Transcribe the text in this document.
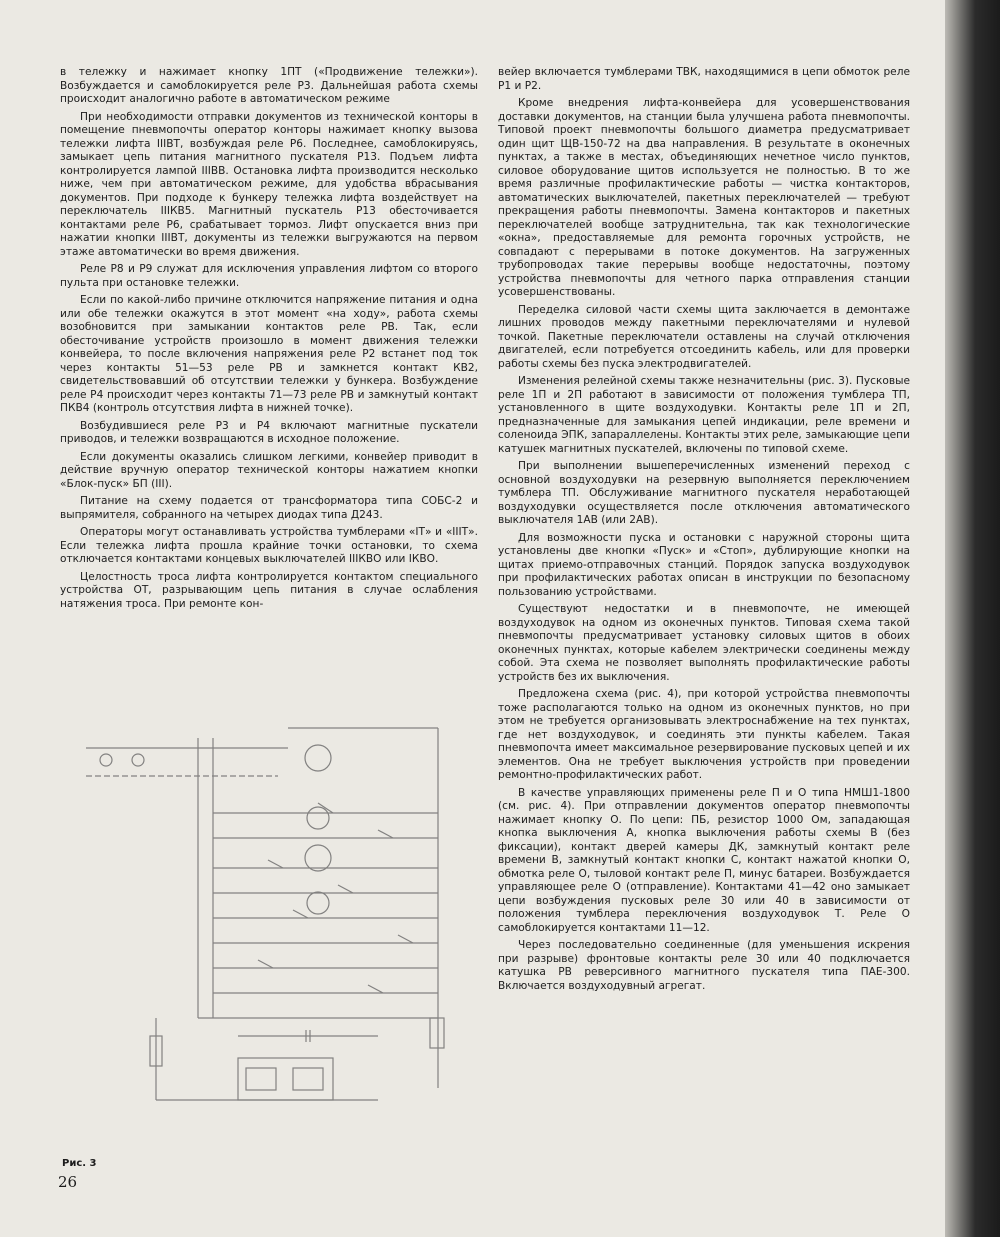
в тележку и нажимает кнопку 1ПТ («Продвижение тележки»). Возбуждается и самоблокируется реле Р3. Дальнейшая работа схемы происходит аналогично работе в автоматическом режиме

При необходимости отправки документов из технической конторы в помещение пневмопочты оператор конторы нажимает кнопку вызова тележки лифта IIIВТ, возбуждая реле Р6. Последнее, самоблокируясь, замыкает цепь питания магнитного пускателя Р13. Подъем лифта контролируется лампой IIIВВ. Остановка лифта производится несколько ниже, чем при автоматическом режиме, для удобства вбрасывания документов. При подходе к бункеру тележка лифта воздействует на переключатель IIIКВ5. Магнитный пускатель Р13 обесточивается контактами реле Р6, срабатывает тормоз. Лифт опускается вниз при нажатии кнопки IIIВТ, документы из тележки выгружаются на первом этаже автоматически во время движения.

Реле Р8 и Р9 служат для исключения управления лифтом со второго пульта при остановке тележки.

Если по какой-либо причине отключится напряжение питания и одна или обе тележки окажутся в этот момент «на ходу», работа схемы возобновится при замыкании контактов реле РВ. Так, если обесточивание устройств произошло в момент движения тележки конвейера, то после включения напряжения реле Р2 встанет под ток через контакты 51—53 реле РВ и замкнется контакт КВ2, свидетельствовавший об отсутствии тележки у бункера. Возбуждение реле Р4 происходит через контакты 71—73 реле РВ и замкнутый контакт ПКВ4 (контроль отсутствия лифта в нижней точке).

Возбудившиеся реле Р3 и Р4 включают магнитные пускатели приводов, и тележки возвращаются в исходное положение.

Если документы оказались слишком легкими, конвейер приводит в действие вручную оператор технической конторы нажатием кнопки «Блок-пуск» БП (III).

Питание на схему подается от трансформатора типа СОБС-2 и выпрямителя, собранного на четырех диодах типа Д243.

Операторы могут останавливать устройства тумблерами «IТ» и «IIIТ». Если тележка лифта прошла крайние точки остановки, то схема отключается контактами концевых выключателей IIIКВО или IКВО.

Целостность троса лифта контролируется контактом специального устройства ОТ, разрывающим цепь питания в случае ослабления натяжения троса. При ремонте кон-

вейер включается тумблерами ТВК, находящимися в цепи обмоток реле Р1 и Р2.

Кроме внедрения лифта-конвейера для усовершенствования доставки документов, на станции была улучшена работа пневмопочты. Типовой проект пневмопочты большого диаметра предусматривает один щит ЩВ-150-72 на два направления. В результате в оконечных пунктах, а также в местах, объединяющих нечетное число пунктов, силовое оборудование щитов используется не полностью. В то же время различные профилактические работы — чистка контакторов, автоматических выключателей, пакетных переключателей — требуют прекращения работы пневмопочты. Замена контакторов и пакетных переключателей вообще затруднительна, так как технологические «окна», предоставляемые для ремонта горочных устройств, не совпадают с перерывами в потоке документов. На загруженных трубопроводах такие перерывы вообще недостаточны, поэтому устройства пневмопочты для четного парка отправления станции усовершенствованы.

Переделка силовой части схемы щита заключается в демонтаже лишних проводов между пакетными переключателями и нулевой точкой. Пакетные переключатели оставлены на случай отключения двигателей, если потребуется отсоединить кабель, или для проверки работы схемы без пуска электродвигателей.

Изменения релейной схемы также незначительны (рис. 3). Пусковые реле 1П и 2П работают в зависимости от положения тумблера ТП, установленного в щите воздуходувки. Контакты реле 1П и 2П, предназначенные для замыкания цепей индикации, реле времени и соленоида ЭПК, запараллелены. Контакты этих реле, замыкающие цепи катушек магнитных пускателей, включены по типовой схеме.

При выполнении вышеперечисленных изменений переход с основной воздуходувки на резервную выполняется переключением тумблера ТП. Обслуживание магнитного пускателя неработающей воздуходувки осуществляется после отключения автоматического выключателя 1АВ (или 2АВ).

Для возможности пуска и остановки с наружной стороны щита установлены две кнопки «Пуск» и «Стоп», дублирующие кнопки на щитах приемо-отправочных станций. Порядок запуска воздуходувок при профилактических работах описан в инструкции по безопасному пользованию устройствами.

Существуют недостатки и в пневмопочте, не имеющей воздуходувок на одном из оконечных пунктов. Типовая схема такой пневмопочты предусматривает установку силовых щитов в обоих оконечных пунктах, которые кабелем электрически соединены между собой. Эта схема не позволяет выполнять профилактические работы устройств без их выключения.

Предложена схема (рис. 4), при которой устройства пневмопочты тоже располагаются только на одном из оконечных пунктов, но при этом не требуется организовывать электроснабжение на тех пунктах, где нет воздуходувок, и соединять эти пункты кабелем. Такая пневмопочта имеет максимальное резервирование пусковых цепей и их элементов. Она не требует выключения устройств при проведении ремонтно-профилактических работ.

В качестве управляющих применены реле П и О типа НМШ1-1800 (см. рис. 4). При отправлении документов оператор пневмопочты нажимает кнопку О. По цепи: ПБ, резистор 1000 Ом, западающая кнопка выключения А, кнопка выключения работы схемы В (без фиксации), контакт дверей камеры ДК, замкнутый контакт реле времени В, замкнутый контакт кнопки С, контакт нажатой кнопки О, обмотка реле О, тыловой контакт реле П, минус батареи. Возбуждается управляющее реле О (отправление). Контактами 41—42 оно замыкает цепи возбуждения пусковых реле 30 или 40 в зависимости от положения тумблера переключения воздуходувок Т. Реле О самоблокируется контактами 11—12.

Через последовательно соединенные (для уменьшения искрения при разрыве) фронтовые контакты реле 30 или 40 подключается катушка РВ реверсивного магнитного пускателя типа ПАЕ-300. Включается воздуходувный агрегат.

Рис. 3
26
